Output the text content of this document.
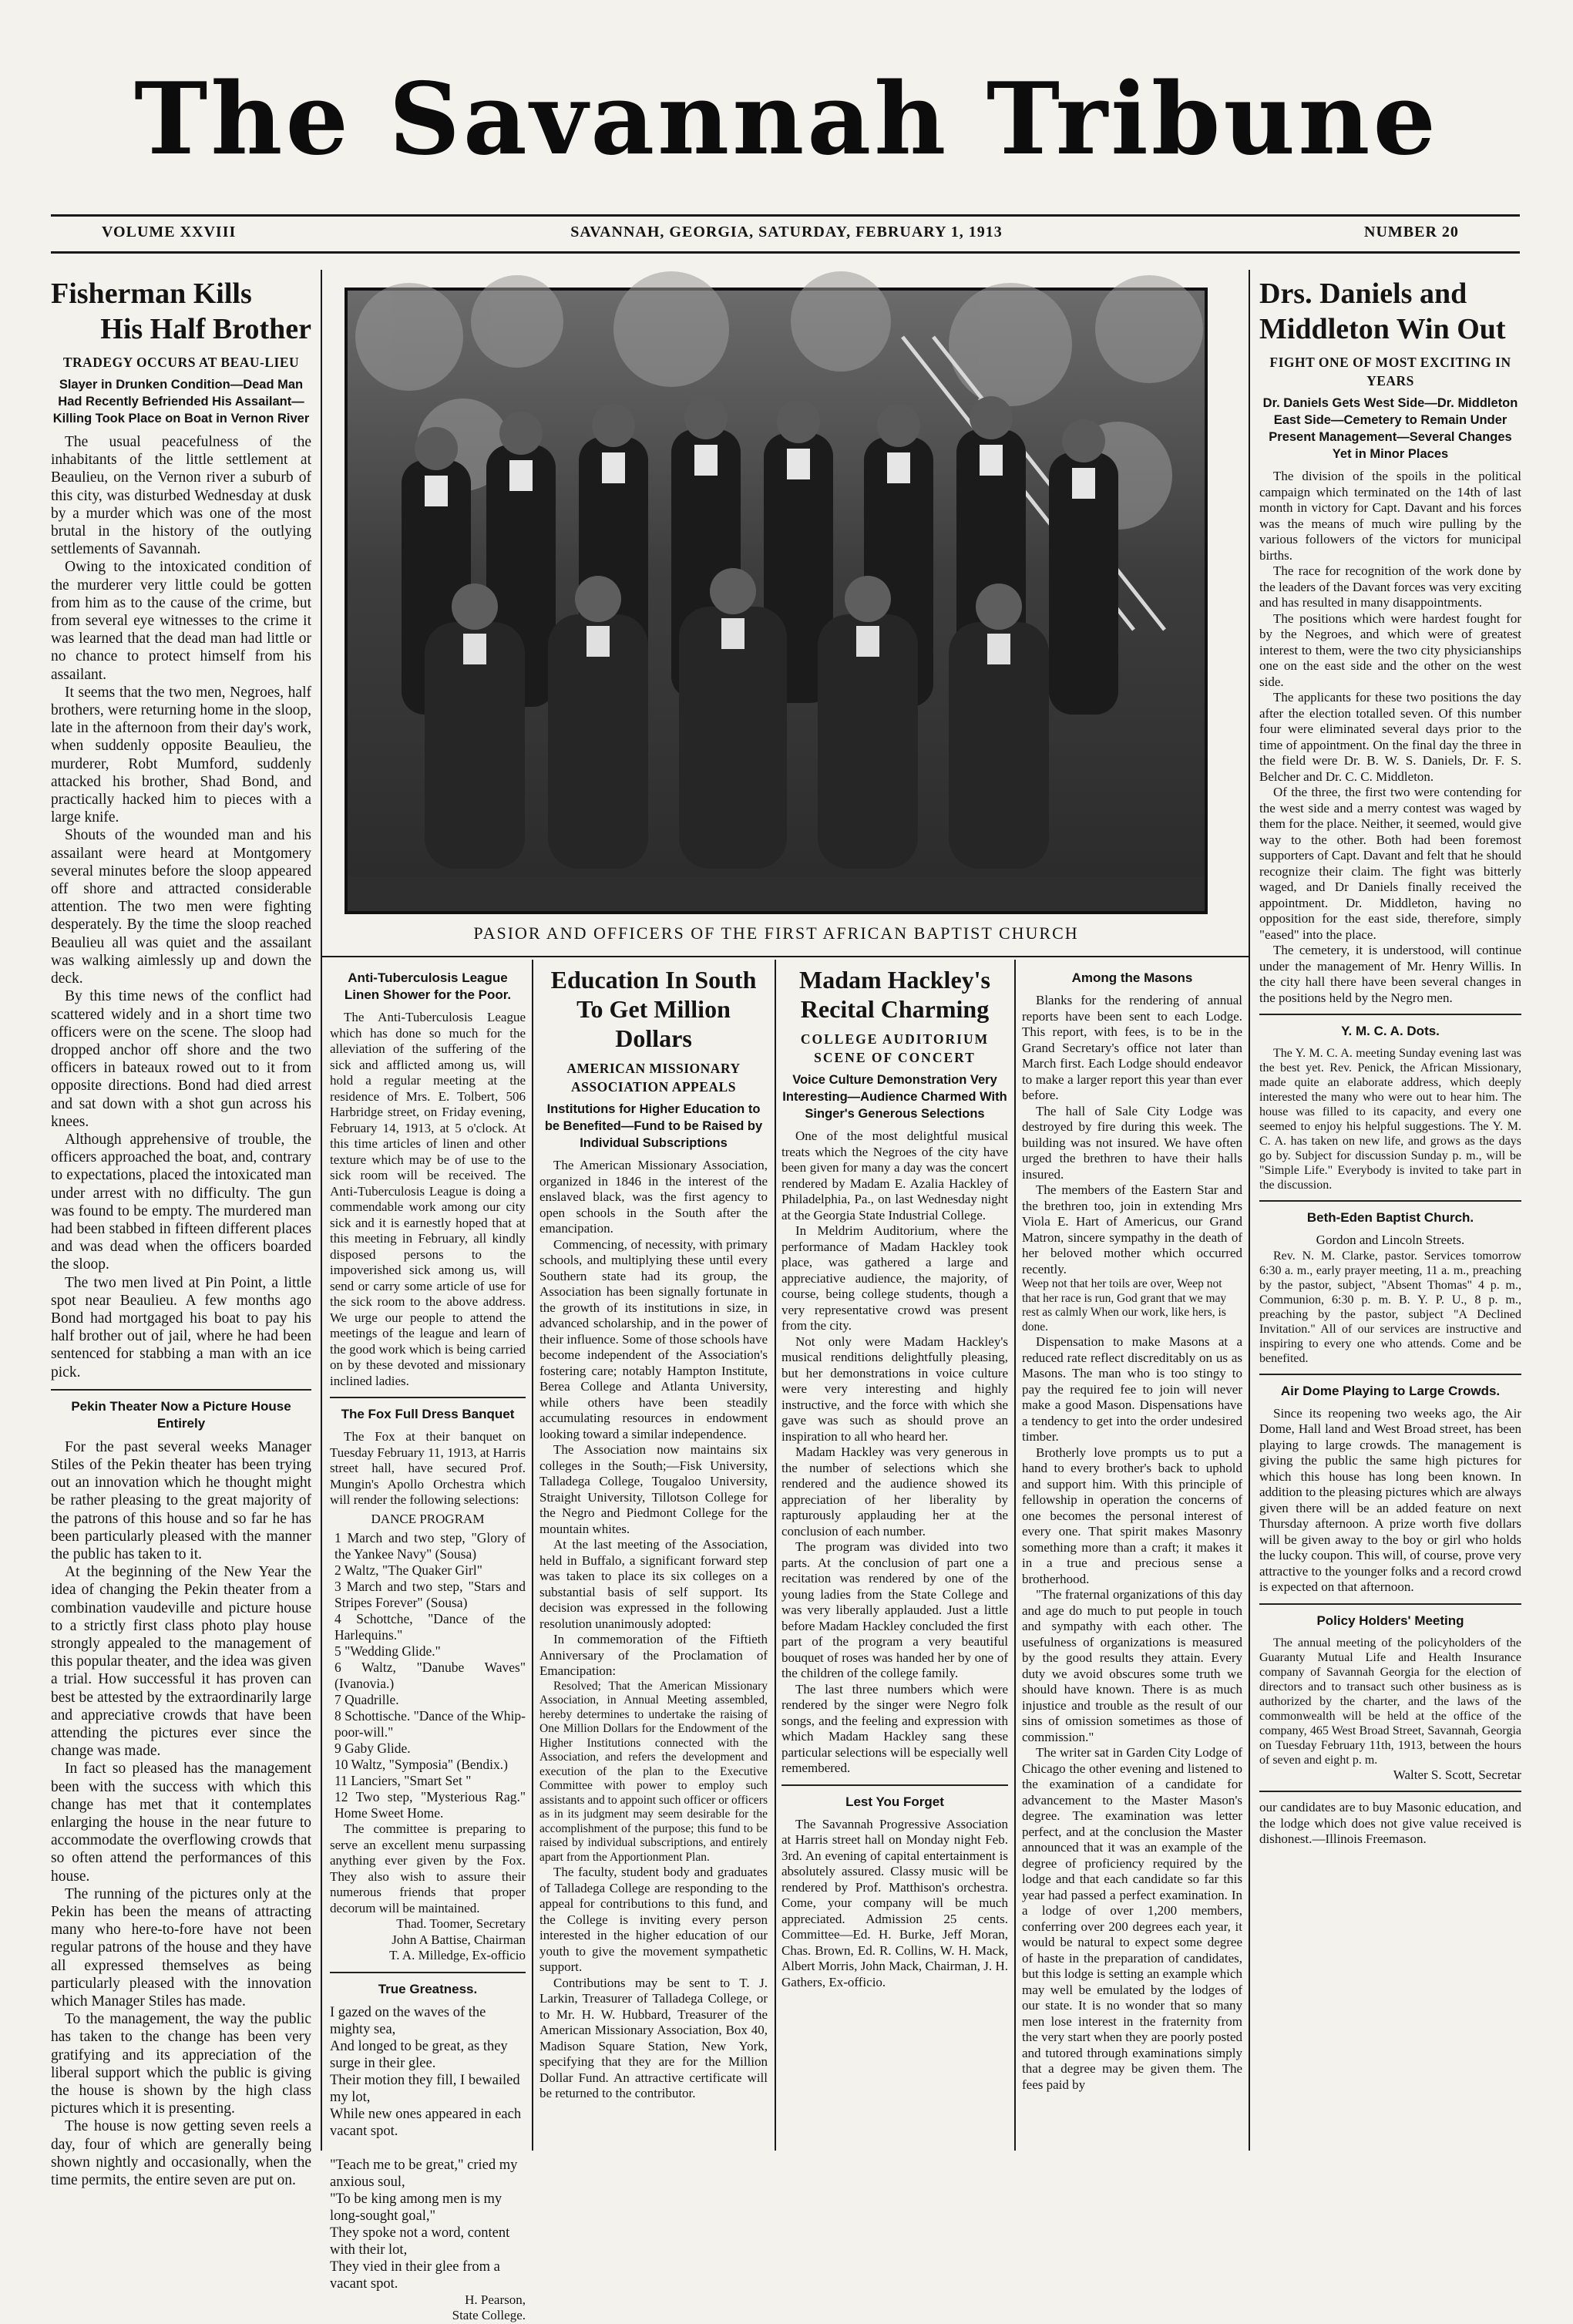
The Savannah Tribune
VOLUME XXVIII	SAVANNAH, GEORGIA, SATURDAY, FEBRUARY 1, 1913	NUMBER 20
PASIOR AND OFFICERS OF THE FIRST AFRICAN BAPTIST CHURCH
Fisherman Kills
His Half Brother
TRADEGY OCCURS AT BEAU-LIEU
Slayer in Drunken Condition—Dead Man Had Recently Befriended His Assailant—Killing Took Place on Boat in Vernon River

The usual peacefulness of the inhabitants of the little settlement at Beaulieu, on the Vernon river a suburb of this city, was disturbed Wednesday at dusk by a murder which was one of the most brutal in the history of the outlying settlements of Savannah.

Owing to the intoxicated condition of the murderer very little could be gotten from him as to the cause of the crime, but from several eye witnesses to the crime it was learned that the dead man had little or no chance to protect himself from his assailant.

It seems that the two men, Negroes, half brothers, were returning home in the sloop, late in the afternoon from their day's work, when suddenly opposite Beaulieu, the murderer, Robt Mumford, suddenly attacked his brother, Shad Bond, and practically hacked him to pieces with a large knife.

Shouts of the wounded man and his assailant were heard at Montgomery several minutes before the sloop appeared off shore and attracted considerable attention. The two men were fighting desperately. By the time the sloop reached Beaulieu all was quiet and the assailant was walking aimlessly up and down the deck.

By this time news of the conflict had scattered widely and in a short time two officers were on the scene. The sloop had dropped anchor off shore and the two officers in bateaux rowed out to it from opposite directions. Bond had died arrest and sat down with a shot gun across his knees.

Although apprehensive of trouble, the officers approached the boat, and, contrary to expectations, placed the intoxicated man under arrest with no difficulty. The gun was found to be empty. The murdered man had been stabbed in fifteen different places and was dead when the officers boarded the sloop.

The two men lived at Pin Point, a little spot near Beaulieu. A few months ago Bond had mortgaged his boat to pay his half brother out of jail, where he had been sentenced for stabbing a man with an ice pick.

Pekin Theater Now a Picture House Entirely

For the past several weeks Manager Stiles of the Pekin theater has been trying out an innovation which he thought might be rather pleasing to the great majority of the patrons of this house and so far he has been particularly pleased with the manner the public has taken to it.

At the beginning of the New Year the idea of changing the Pekin theater from a combination vaudeville and picture house to a strictly first class photo play house strongly appealed to the management of this popular theater, and the idea was given a trial. How successful it has proven can best be attested by the extraordinarily large and appreciative crowds that have been attending the pictures ever since the change was made.

In fact so pleased has the management been with the success with which this change has met that it contemplates enlarging the house in the near future to accommodate the overflowing crowds that so often attend the performances of this house.

The running of the pictures only at the Pekin has been the means of attracting many who here-to-fore have not been regular patrons of the house and they have all expressed themselves as being particularly pleased with the innovation which Manager Stiles has made.

To the management, the way the public has taken to the change has been very gratifying and its appreciation of the liberal support which the public is giving the house is shown by the high class pictures which it is presenting.

The house is now getting seven reels a day, four of which are generally being shown nightly and occasionally, when the time permits, the entire seven are put on.

Anti-Tuberculosis League Linen Shower for the Poor.

The Anti-Tuberculosis League which has done so much for the alleviation of the suffering of the sick and afflicted among us, will hold a regular meeting at the residence of Mrs. E. Tolbert, 506 Harbridge street, on Friday evening, February 14, 1913, at 5 o'clock. At this time articles of linen and other texture which may be of use to the sick room will be received. The Anti-Tuberculosis League is doing a commendable work among our city sick and it is earnestly hoped that at this meeting in February, all kindly disposed persons to the impoverished sick among us, will send or carry some article of use for the sick room to the above address. We urge our people to attend the meetings of the league and learn of the good work which is being carried on by these devoted and missionary inclined ladies.

The Fox Full Dress Banquet

The Fox at their banquet on Tuesday February 11, 1913, at Harris street hall, have secured Prof. Mungin's Apollo Orchestra which will render the following selections:

DANCE PROGRAM
1 March and two step, "Glory of the Yankee Navy" (Sousa)
2 Waltz, "The Quaker Girl"
3 March and two step, "Stars and Stripes Forever" (Sousa)
4 Schottche, "Dance of the Harlequins."
5 "Wedding Glide."
6 Waltz, "Danube Waves" (Ivanovia.)
7 Quadrille.
8 Schottische. "Dance of the Whip-poor-will."
9 Gaby Glide.
10 Waltz, "Symposia" (Bendix.)
11 Lanciers, "Smart Set "
12 Two step, "Mysterious Rag." Home Sweet Home.

The committee is preparing to serve an excellent menu surpassing anything ever given by the Fox. They also wish to assure their numerous friends that proper decorum will be maintained.

Thad. Toomer, Secretary
John A Battise, Chairman
T. A. Milledge, Ex-officio
True Greatness.

I gazed on the waves of the mighty sea,

And longed to be great, as they surge in their glee.

Their motion they fill, I bewailed my lot,

While new ones appeared in each vacant spot.

"Teach me to be great," cried my anxious soul,

"To be king among men is my long-sought goal,"

They spoke not a word, content with their lot,

They vied in their glee from a vacant spot.

H. Pearson,
State College.
Education In South
To Get Million Dollars
AMERICAN MISSIONARY ASSOCIATION APPEALS
Institutions for Higher Education to be Benefited—Fund to be Raised by Individual Subscriptions

The American Missionary Association, organized in 1846 in the interest of the enslaved black, was the first agency to open schools in the South after the emancipation.

Commencing, of necessity, with primary schools, and multiplying these until every Southern state had its group, the Association has been signally fortunate in the growth of its institutions in size, in advanced scholarship, and in the power of their influence. Some of those schools have become independent of the Association's fostering care; notably Hampton Institute, Berea College and Atlanta University, while others have been steadily accumulating resources in endowment looking toward a similar independence.

The Association now maintains six colleges in the South;—Fisk University, Talladega College, Tougaloo University, Straight University, Tillotson College for the Negro and Piedmont College for the mountain whites.

At the last meeting of the Association, held in Buffalo, a significant forward step was taken to place its six colleges on a substantial basis of self support. Its decision was expressed in the following resolution unanimously adopted:

In commemoration of the Fiftieth Anniversary of the Proclamation of Emancipation:

Resolved; That the American Missionary Association, in Annual Meeting assembled, hereby determines to undertake the raising of One Million Dollars for the Endowment of the Higher Institutions connected with the Association, and refers the development and execution of the plan to the Executive Committee with power to employ such assistants and to appoint such officer or officers as in its judgment may seem desirable for the accomplishment of the purpose; this fund to be raised by individual subscriptions, and entirely apart from the Apportionment Plan.

The faculty, student body and graduates of Talladega College are responding to the appeal for contributions to this fund, and the College is inviting every person interested in the higher education of our youth to give the movement sympathetic support.

Contributions may be sent to T. J. Larkin, Treasurer of Talladega College, or to Mr. H. W. Hubbard, Treasurer of the American Missionary Association, Box 40, Madison Square Station, New York, specifying that they are for the Million Dollar Fund. An attractive certificate will be returned to the contributor.

Madam Hackley's
Recital Charming
COLLEGE AUDITORIUM SCENE OF CONCERT
Voice Culture Demonstration Very Interesting—Audience Charmed With Singer's Generous Selections

One of the most delightful musical treats which the Negroes of the city have been given for many a day was the concert rendered by Madam E. Azalia Hackley of Philadelphia, Pa., on last Wednesday night at the Georgia State Industrial College.

In Meldrim Auditorium, where the performance of Madam Hackley took place, was gathered a large and appreciative audience, the majority, of course, being college students, though a very representative crowd was present from the city.

Not only were Madam Hackley's musical renditions delightfully pleasing, but her demonstrations in voice culture were very interesting and highly instructive, and the force with which she gave was such as should prove an inspiration to all who heard her.

Madam Hackley was very generous in the number of selections which she rendered and the audience showed its appreciation of her liberality by rapturously applauding her at the conclusion of each number.

The program was divided into two parts. At the conclusion of part one a recitation was rendered by one of the young ladies from the State College and was very liberally applauded. Just a little before Madam Hackley concluded the first part of the program a very beautiful bouquet of roses was handed her by one of the children of the college family.

The last three numbers which were rendered by the singer were Negro folk songs, and the feeling and expression with which Madam Hackley sang these particular selections will be especially well remembered.

Lest You Forget

The Savannah Progressive Association at Harris street hall on Monday night Feb. 3rd. An evening of capital entertainment is absolutely assured. Classy music will be rendered by Prof. Matthison's orchestra. Come, your company will be much appreciated. Admission 25 cents. Committee—Ed. H. Burke, Jeff Moran, Chas. Brown, Ed. R. Collins, W. H. Mack, Albert Morris, John Mack, Chairman, J. H. Gathers, Ex-officio.

Among the Masons

Blanks for the rendering of annual reports have been sent to each Lodge. This report, with fees, is to be in the Grand Secretary's office not later than March first. Each Lodge should endeavor to make a larger report this year than ever before.

The hall of Sale City Lodge was destroyed by fire during this week. The building was not insured. We have often urged the brethren to have their halls insured.

The members of the Eastern Star and the brethren too, join in extending Mrs Viola E. Hart of Americus, our Grand Matron, sincere sympathy in the death of her beloved mother which occurred recently.

Weep not that her toils are over, Weep not that her race is run, God grant that we may rest as calmly When our work, like hers, is done.

Dispensation to make Masons at a reduced rate reflect discreditably on us as Masons. The man who is too stingy to pay the required fee to join will never make a good Mason. Dispensations have a tendency to get into the order undesired timber.

Brotherly love prompts us to put a hand to every brother's back to uphold and support him. With this principle of fellowship in operation the concerns of one becomes the personal interest of every one. That spirit makes Masonry something more than a craft; it makes it in a true and precious sense a brotherhood.

"The fraternal organizations of this day and age do much to put people in touch and sympathy with each other. The usefulness of organizations is measured by the good results they attain. Every duty we avoid obscures some truth we should have known. There is as much injustice and trouble as the result of our sins of omission sometimes as those of commission."

The writer sat in Garden City Lodge of Chicago the other evening and listened to the examination of a candidate for advancement to the Master Mason's degree. The examination was letter perfect, and at the conclusion the Master announced that it was an example of the degree of proficiency required by the lodge and that each candidate so far this year had passed a perfect examination. In a lodge of over 1,200 members, conferring over 200 degrees each year, it would be natural to expect some degree of haste in the preparation of candidates, but this lodge is setting an example which may well be emulated by the lodges of our state. It is no wonder that so many men lose interest in the fraternity from the very start when they are poorly posted and tutored through examinations simply that a degree may be given them. The fees paid by

Drs. Daniels and
Middleton Win Out
FIGHT ONE OF MOST EXCITING IN YEARS
Dr. Daniels Gets West Side—Dr. Middleton East Side—Cemetery to Remain Under Present Management—Several Changes Yet in Minor Places

The division of the spoils in the political campaign which terminated on the 14th of last month in victory for Capt. Davant and his forces was the means of much wire pulling by the various followers of the victors for municipal births.

The race for recognition of the work done by the leaders of the Davant forces was very exciting and has resulted in many disappointments.

The positions which were hardest fought for by the Negroes, and which were of greatest interest to them, were the two city physicianships one on the east side and the other on the west side.

The applicants for these two positions the day after the election totalled seven. Of this number four were eliminated several days prior to the time of appointment. On the final day the three in the field were Dr. B. W. S. Daniels, Dr. F. S. Belcher and Dr. C. C. Middleton.

Of the three, the first two were contending for the west side and a merry contest was waged by them for the place. Neither, it seemed, would give way to the other. Both had been foremost supporters of Capt. Davant and felt that he should recognize their claim. The fight was bitterly waged, and Dr Daniels finally received the appointment. Dr. Middleton, having no opposition for the east side, therefore, simply "eased" into the place.

The cemetery, it is understood, will continue under the management of Mr. Henry Willis. In the city hall there have been several changes in the positions held by the Negro men.

Y. M. C. A. Dots.

The Y. M. C. A. meeting Sunday evening last was the best yet. Rev. Penick, the African Missionary, made quite an elaborate address, which deeply interested the many who were out to hear him. The house was filled to its capacity, and every one seemed to enjoy his helpful suggestions. The Y. M. C. A. has taken on new life, and grows as the days go by. Subject for discussion Sunday p. m., will be "Simple Life." Everybody is invited to take part in the discussion.

Beth-Eden Baptist Church.
Gordon and Lincoln Streets.

Rev. N. M. Clarke, pastor. Services tomorrow 6:30 a. m., early prayer meeting, 11 a. m., preaching by the pastor, subject, "Absent Thomas" 4 p. m., Communion, 6:30 p. m. B. Y. P. U., 8 p. m., preaching by the pastor, subject "A Declined Invitation." All of our services are instructive and inspiring to every one who attends. Come and be benefited.

Air Dome Playing to Large Crowds.

Since its reopening two weeks ago, the Air Dome, Hall land and West Broad street, has been playing to large crowds. The management is giving the public the same high pictures for which this house has long been known. In addition to the pleasing pictures which are always given there will be an added feature on next Thursday afternoon. A prize worth five dollars will be given away to the boy or girl who holds the lucky coupon. This will, of course, prove very attractive to the younger folks and a record crowd is expected on that afternoon.

Policy Holders' Meeting

The annual meeting of the policyholders of the Guaranty Mutual Life and Health Insurance company of Savannah Georgia for the election of directors and to transact such other business as is authorized by the charter, and the laws of the commonwealth will be held at the office of the company, 465 West Broad Street, Savannah, Georgia on Tuesday February 11th, 1913, between the hours of seven and eight p. m.

Walter S. Scott, Secretar

our candidates are to buy Masonic education, and the lodge which does not give value received is dishonest.—Illinois Freemason.
